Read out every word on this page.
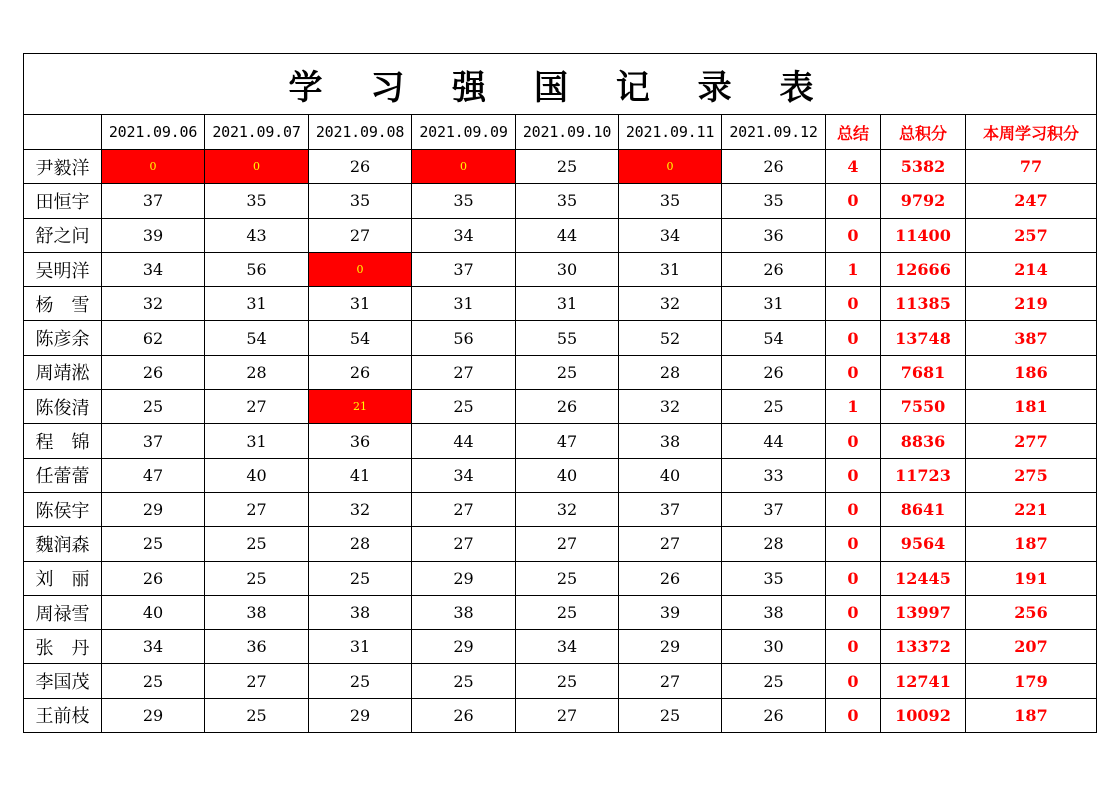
学 习 强 国 记 录 表										
	2021.09.06	2021.09.07	2021.09.08	2021.09.09	2021.09.10	2021.09.11	2021.09.12	总结	总积分	本周学习积分
尹毅洋	0	0	26	0	25	0	26	4	5382	77
田恒宇	37	35	35	35	35	35	35	0	9792	247
舒之问	39	43	27	34	44	34	36	0	11400	257
吴明洋	34	56	0	37	30	31	26	1	12666	214
杨　雪	32	31	31	31	31	32	31	0	11385	219
陈彦余	62	54	54	56	55	52	54	0	13748	387
周靖淞	26	28	26	27	25	28	26	0	7681	186
陈俊清	25	27	21	25	26	32	25	1	7550	181
程　锦	37	31	36	44	47	38	44	0	8836	277
任蕾蕾	47	40	41	34	40	40	33	0	11723	275
陈侯宇	29	27	32	27	32	37	37	0	8641	221
魏润森	25	25	28	27	27	27	28	0	9564	187
刘　丽	26	25	25	29	25	26	35	0	12445	191
周禄雪	40	38	38	38	25	39	38	0	13997	256
张　丹	34	36	31	29	34	29	30	0	13372	207
李国茂	25	27	25	25	25	27	25	0	12741	179
王前枝	29	25	29	26	27	25	26	0	10092	187
